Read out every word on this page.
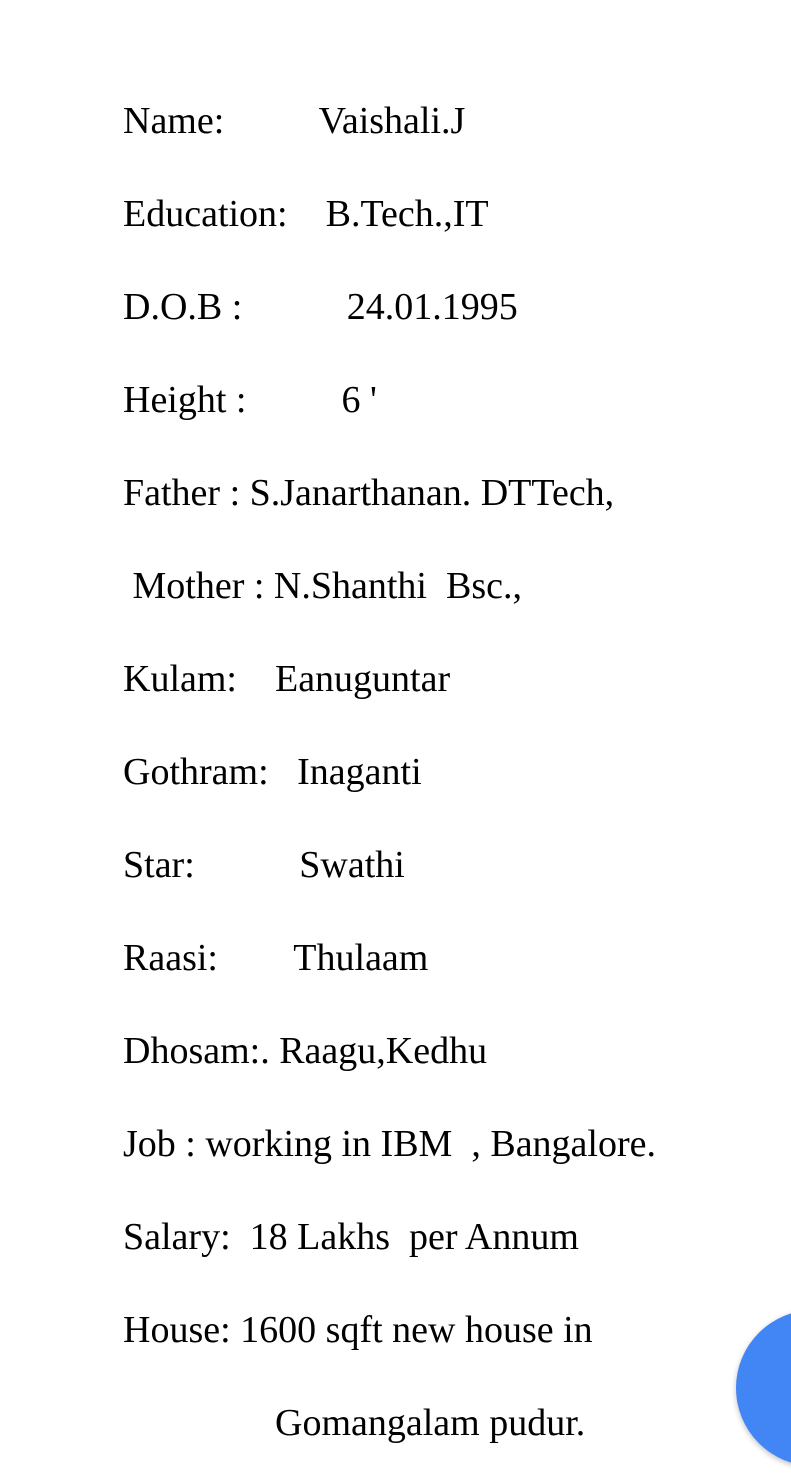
Name:          Vaishali.J
Education:    B.Tech.,IT
D.O.B :           24.01.1995
Height :          6 '
Father : S.Janarthanan. DTTech,
Mother : N.Shanthi  Bsc.,
Kulam:    Eanuguntar
Gothram:   Inaganti
Star:           Swathi
Raasi:        Thulaam
Dhosam:. Raagu,Kedhu
Job : working in IBM  , Bangalore.
Salary:  18 Lakhs  per Annum
House: 1600 sqft new house in
Gomangalam pudur.
